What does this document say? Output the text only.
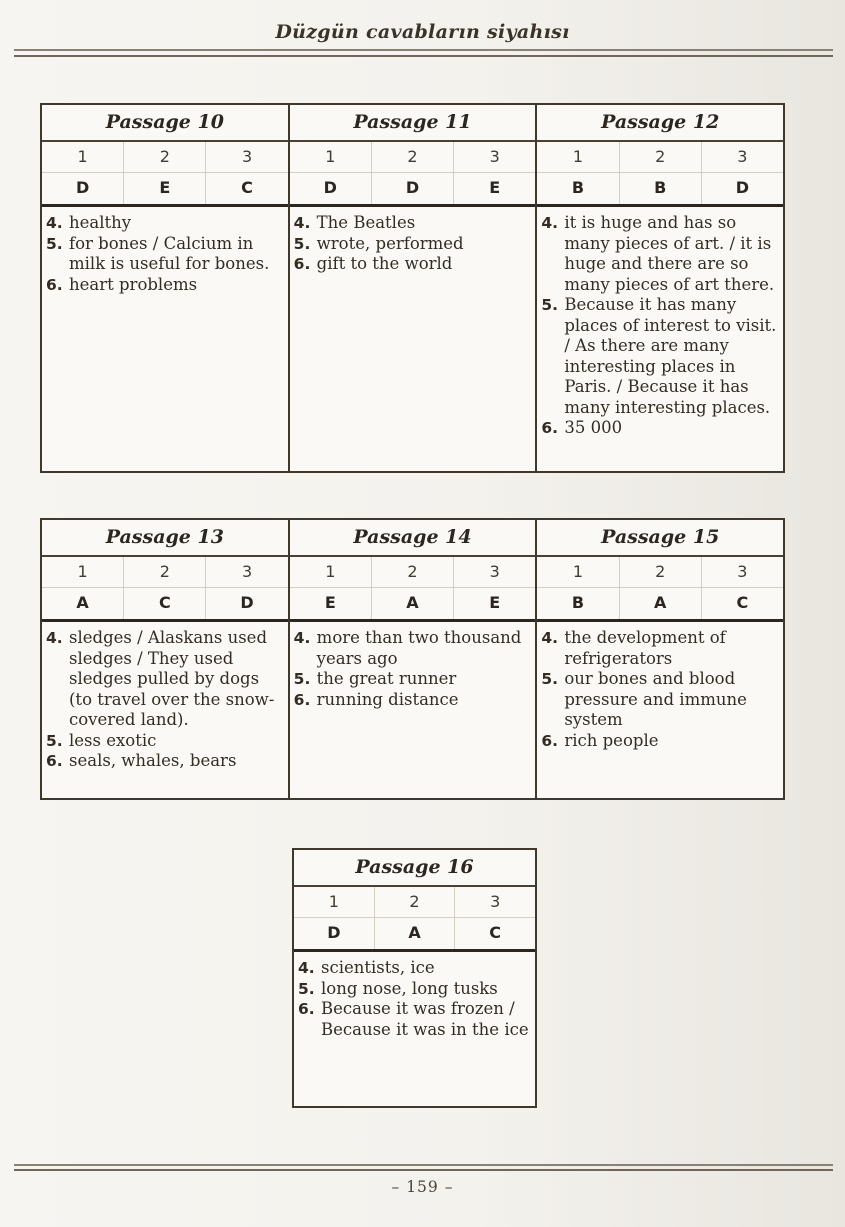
Düzgün cavabların siyahısı
Passage 10
1	2	3
D	E	C
4. healthy
5. for bones / Calcium in milk is useful for bones.
6. heart problems
Passage 11
1	2	3
D	D	E
4. The Beatles
5. wrote, performed
6. gift to the world
Passage 12
1	2	3
B	B	D
4. it is huge and has so many pieces of art. / it is huge and there are so many pieces of art there.
5. Because it has many places of interest to visit. / As there are many interesting places in Paris. / Because it has many interesting places.
6. 35 000
Passage 13
1	2	3
A	C	D
4. sledges / Alaskans used sledges / They used sledges pulled by dogs (to travel over the snow-covered land).
5. less exotic
6. seals, whales, bears
Passage 14
1	2	3
E	A	E
4. more than two thousand years ago
5. the great runner
6. running distance
Passage 15
1	2	3
B	A	C
4. the development of refrigerators
5. our bones and blood pressure and immune system
6. rich people
Passage 16
1	2	3
D	A	C
4. scientists, ice
5. long nose, long tusks
6. Because it was frozen / Because it was in the ice
– 159 –
